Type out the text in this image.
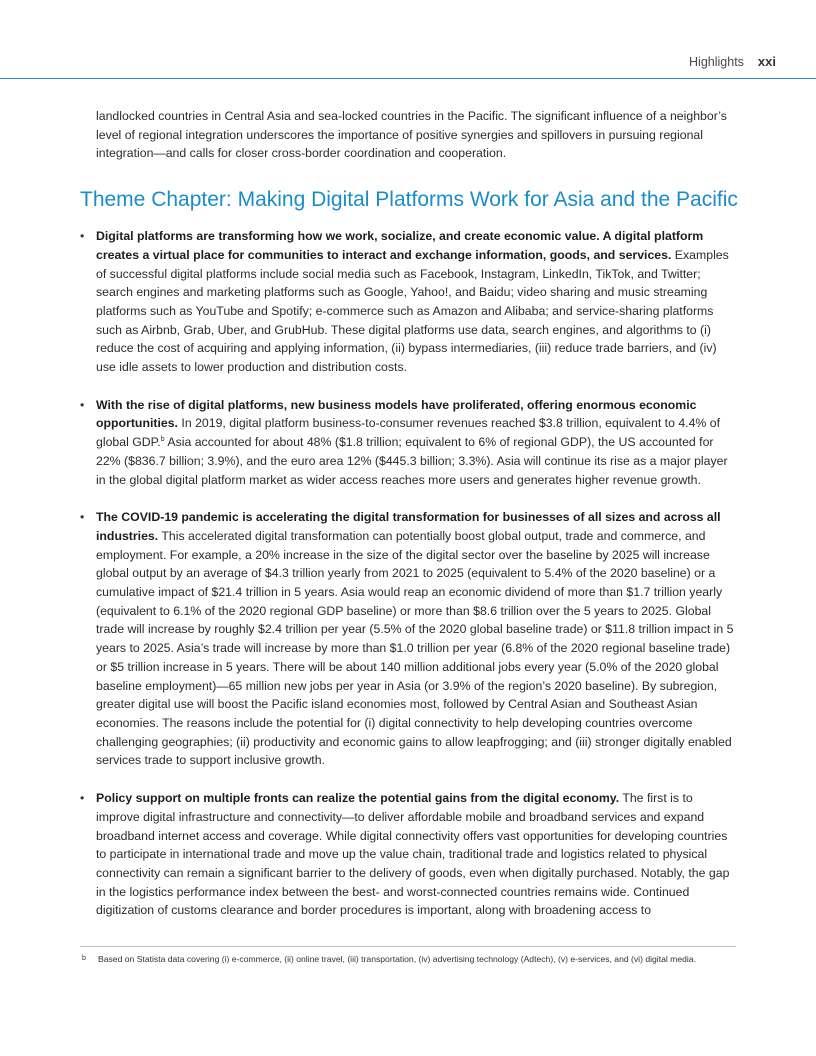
Highlights xxi

landlocked countries in Central Asia and sea-locked countries in the Pacific. The significant influence of a neighbor’s level of regional integration underscores the importance of positive synergies and spillovers in pursuing regional integration—and calls for closer cross-border coordination and cooperation.

Theme Chapter: Making Digital Platforms Work for Asia and the Pacific
• Digital platforms are transforming how we work, socialize, and create economic value. A digital platform creates a virtual place for communities to interact and exchange information, goods, and services. Examples of successful digital platforms include social media such as Facebook, Instagram, LinkedIn, TikTok, and Twitter; search engines and marketing platforms such as Google, Yahoo!, and Baidu; video sharing and music streaming platforms such as YouTube and Spotify; e-commerce such as Amazon and Alibaba; and service-sharing platforms such as Airbnb, Grab, Uber, and GrubHub. These digital platforms use data, search engines, and algorithms to (i) reduce the cost of acquiring and applying information, (ii) bypass intermediaries, (iii) reduce trade barriers, and (iv) use idle assets to lower production and distribution costs.
• With the rise of digital platforms, new business models have proliferated, offering enormous economic opportunities. In 2019, digital platform business-to-consumer revenues reached $3.8 trillion, equivalent to 4.4% of global GDP.$^b$ Asia accounted for about 48% ($1.8 trillion; equivalent to 6% of regional GDP), the US accounted for 22% ($836.7 billion; 3.9%), and the euro area 12% ($445.3 billion; 3.3%). Asia will continue its rise as a major player in the global digital platform market as wider access reaches more users and generates higher revenue growth.
• The COVID-19 pandemic is accelerating the digital transformation for businesses of all sizes and across all industries. This accelerated digital transformation can potentially boost global output, trade and commerce, and employment. For example, a 20% increase in the size of the digital sector over the baseline by 2025 will increase global output by an average of $4.3 trillion yearly from 2021 to 2025 (equivalent to 5.4% of the 2020 baseline) or a cumulative impact of $21.4 trillion in 5 years. Asia would reap an economic dividend of more than $1.7 trillion yearly (equivalent to 6.1% of the 2020 regional GDP baseline) or more than $8.6 trillion over the 5 years to 2025. Global trade will increase by roughly $2.4 trillion per year (5.5% of the 2020 global baseline trade) or $11.8 trillion impact in 5 years to 2025. Asia’s trade will increase by more than $1.0 trillion per year (6.8% of the 2020 regional baseline trade) or $5 trillion increase in 5 years. There will be about 140 million additional jobs every year (5.0% of the 2020 global baseline employment)—65 million new jobs per year in Asia (or 3.9% of the region’s 2020 baseline). By subregion, greater digital use will boost the Pacific island economies most, followed by Central Asian and Southeast Asian economies. The reasons include the potential for (i) digital connectivity to help developing countries overcome challenging geographies; (ii) productivity and economic gains to allow leapfrogging; and (iii) stronger digitally enabled services trade to support inclusive growth.
• Policy support on multiple fronts can realize the potential gains from the digital economy. The first is to improve digital infrastructure and connectivity—to deliver affordable mobile and broadband services and expand broadband internet access and coverage. While digital connectivity offers vast opportunities for developing countries to participate in international trade and move up the value chain, traditional trade and logistics related to physical connectivity can remain a significant barrier to the delivery of goods, even when digitally purchased. Notably, the gap in the logistics performance index between the best- and worst-connected countries remains wide. Continued digitization of customs clearance and border procedures is important, along with broadening access to
b Based on Statista data covering (i) e-commerce, (ii) online travel, (iii) transportation, (iv) advertising technology (Adtech), (v) e-services, and (vi) digital media.
